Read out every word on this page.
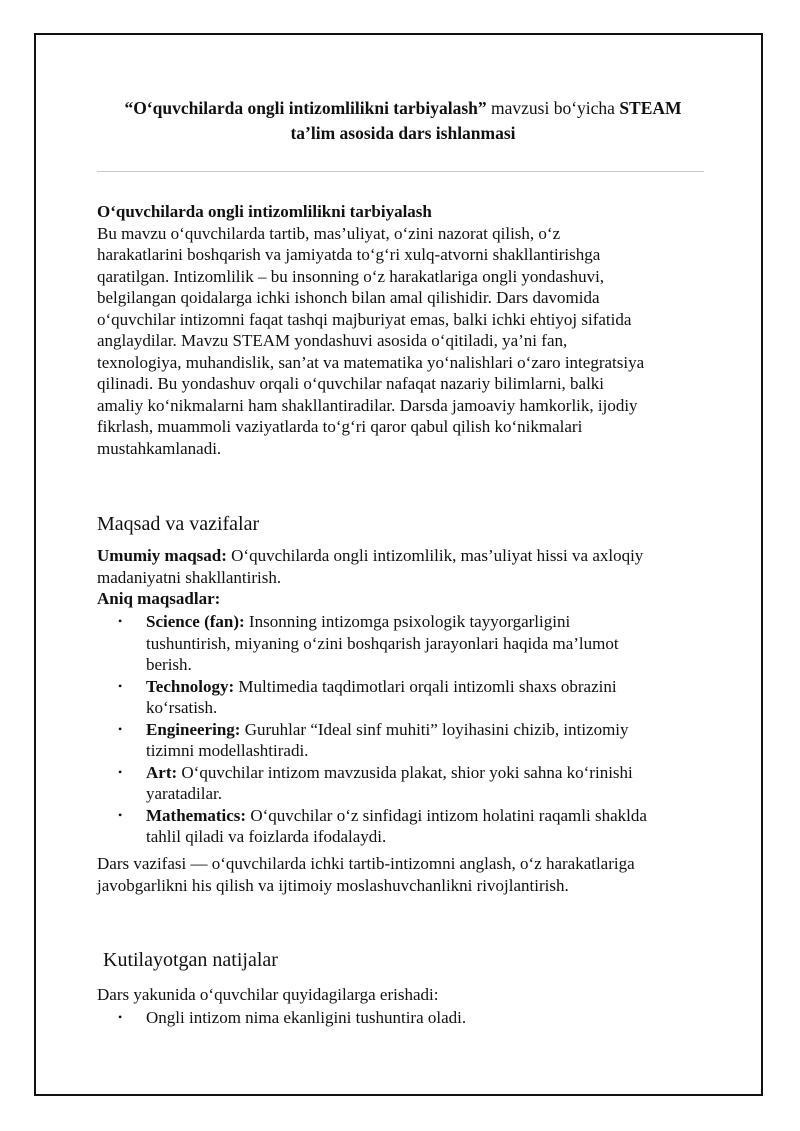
“O‘quvchilarda ongli intizomlilikni tarbiyalash” mavzusi bo‘yicha STEAM
ta’lim asosida dars ishlanmasi
O‘quvchilarda ongli intizomlilikni tarbiyalash
Bu mavzu o‘quvchilarda tartib, mas’uliyat, o‘zini nazorat qilish, o‘z
harakatlarini boshqarish va jamiyatda to‘g‘ri xulq-atvorni shakllantirishga
qaratilgan. Intizomlilik – bu insonning o‘z harakatlariga ongli yondashuvi,
belgilangan qoidalarga ichki ishonch bilan amal qilishidir. Dars davomida
o‘quvchilar intizomni faqat tashqi majburiyat emas, balki ichki ehtiyoj sifatida
anglaydilar. Mavzu STEAM yondashuvi asosida o‘qitiladi, ya’ni fan,
texnologiya, muhandislik, san’at va matematika yo‘nalishlari o‘zaro integratsiya
qilinadi. Bu yondashuv orqali o‘quvchilar nafaqat nazariy bilimlarni, balki
amaliy ko‘nikmalarni ham shakllantiradilar. Darsda jamoaviy hamkorlik, ijodiy
fikrlash, muammoli vaziyatlarda to‘g‘ri qaror qabul qilish ko‘nikmalari
mustahkamlanadi.
Maqsad va vazifalar
Umumiy maqsad: O‘quvchilarda ongli intizomlilik, mas’uliyat hissi va axloqiy
madaniyatni shakllantirish.
Aniq maqsadlar:
• Science (fan): Insonning intizomga psixologik tayyorgarligini
tushuntirish, miyaning o‘zini boshqarish jarayonlari haqida ma’lumot
berish.
• Technology: Multimedia taqdimotlari orqali intizomli shaxs obrazini
ko‘rsatish.
• Engineering: Guruhlar “Ideal sinf muhiti” loyihasini chizib, intizomiy
tizimni modellashtiradi.
• Art: O‘quvchilar intizom mavzusida plakat, shior yoki sahna ko‘rinishi
yaratadilar.
• Mathematics: O‘quvchilar o‘z sinfidagi intizom holatini raqamli shaklda
tahlil qiladi va foizlarda ifodalaydi.
Dars vazifasi — o‘quvchilarda ichki tartib-intizomni anglash, o‘z harakatlariga
javobgarlikni his qilish va ijtimoiy moslashuvchanlikni rivojlantirish.
Kutilayotgan natijalar
Dars yakunida o‘quvchilar quyidagilarga erishadi:
• Ongli intizom nima ekanligini tushuntira oladi.
